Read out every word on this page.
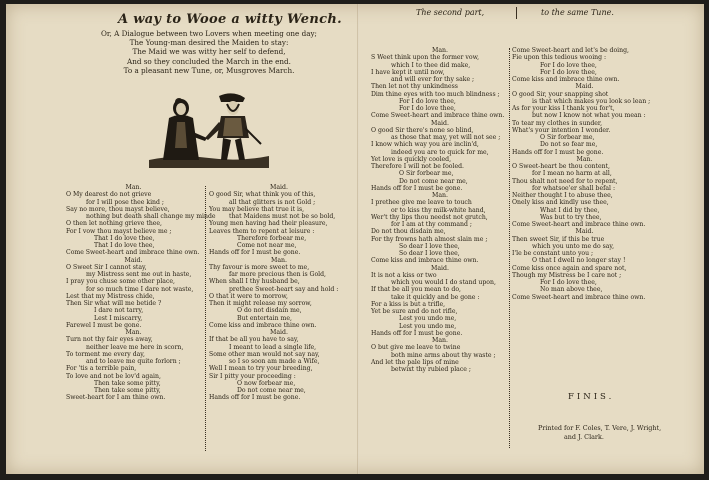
A way to Wooe a witty Wench.
Or, A Dialogue between two Lovers when meeting one day;
The Young-man desired the Maiden to stay:
The Maid we was witty her self to defend,
And so they concluded the March in the end.
To a pleasant new Tune, or, Musgroves March.
The second part,	to the same Tune.
Man.
O My dearest do not grieve
for I will pose thee kind ;
Say no more, thou mayst believe,
nothing but death shall change my minde
O then let nothing grieve thee,
For I vow thou mayst believe me ;
That I do love thee,
That I do love thee,
Come Sweet-heart and imbrace thine own.
Maid.
O Sweet Sir I cannot stay,
my Mistress sent me out in haste,
I pray you chuse some other place,
for so much time I dare not waste,
Lest that my Mistress chide,
Then Sir what will me betide ?
I dare not tarry,
Lest I miscarry,
Farewel I must be gone.
Man.
Turn not thy fair eyes away,
neither leave me here in scorn,
To torment me every day,
and to leave me quite forlorn ;
For 'tis a terrible pain,
To love and not be lov'd again,
Then take some pitty,
Then take some pitty,
Sweet-heart for I am thine own.
Maid.
O good Sir, what think you of this,
all that glitters is not Gold ;
You may believe that true it is,
that Maidens must not be so bold,
Young men having had their pleasure,
Leaves them to repent at leisure :
Therefore forbear me,
Come not near me,
Hands off for I must be gone.
Man.
Thy favour is more sweet to me,
far more precious then is Gold,
When shall I thy husband be,
prethee Sweet-heart say and hold :
O that it were to morrow,
Then it might release my sorrow,
O do not disdain me,
But entertain me,
Come kiss and imbrace thine own.
Maid.
If that be all you have to say,
I meant to lead a single life,
Some other man would not say nay,
so I so soon am made a Wife,
Well I mean to try your breeding,
Sir I pitty your proceeding :
O now forbear me,
Do not come near me,
Hands off for I must be gone.
Man.
S Weet think upon the former vow,
which I to thee did make,
I have kept it until now,
and will ever for thy sake ;
Then let not thy unkindness
Dim thine eyes with too much blindness ;
For I do love thee,
For I do love thee,
Come Sweet-heart and imbrace thine own.
Maid.
O good Sir there's none so blind,
as those that may, yet will not see ;
I know which way you are inclin'd,
indeed you are to quick for me,
Yet love is quickly cooled,
Therefore I will not be fooled.
O Sir forbear me,
Do not come near me,
Hands off for I must be gone.
Man.
I prethee give me leave to touch
or to kiss thy milk-white hand,
Wer't thy lips thou needst not grutch,
for I am at thy command ;
Do not thou disdain me,
For thy frowns hath almost slain me ;
So dear I love thee,
So dear I love thee,
Come kiss and imbrace thine own.
Maid.
It is not a kiss or two
which you would I do stand upon,
If that be all you mean to do,
take it quickly and be gone :
For a kiss is but a trifle,
Yet be sure and do not rifle,
Lest you undo me,
Lest you undo me,
Hands off for I must be gone.
Man.
O but give me leave to twine
both mine arms about thy waste ;
And let the pale lips of mine
betwixt thy rubied place ;
Come Sweet-heart and let's be doing,
Fie upon this tedious wooing :
For I do love thee,
For I do love thee,
Come kiss and imbrace thine own.
Maid.
O good Sir, your snapping shot
is that which makes you look so lean ;
As for your kiss I thank you for't,
but now I know not what you mean :
To tear my clothes in sunder,
What's your intention I wonder.
O Sir forbear me,
Do not so fear me,
Hands off for I must be gone.
Man.
O Sweet-heart be thou content,
for I mean no harm at all,
Thou shalt not need for to repent,
for whatsoe'er shall befal :
Neither thought I to abuse thee,
Onely kiss and kindly use thee,
What I did by thee,
Was but to try thee,
Come Sweet-heart and imbrace thine own.
Maid.
Then sweet Sir, if this be true
which you unto me do say,
I'le be constant unto you ;
O that I dwell no longer stay !
Come kiss once again and spare not,
Though my Mistress be I care not ;
For I do love thee,
No man above thee,
Come Sweet-heart and imbrace thine own.
FINIS.
Printed for F. Coles, T. Vere, J. Wright,
and J. Clark.
